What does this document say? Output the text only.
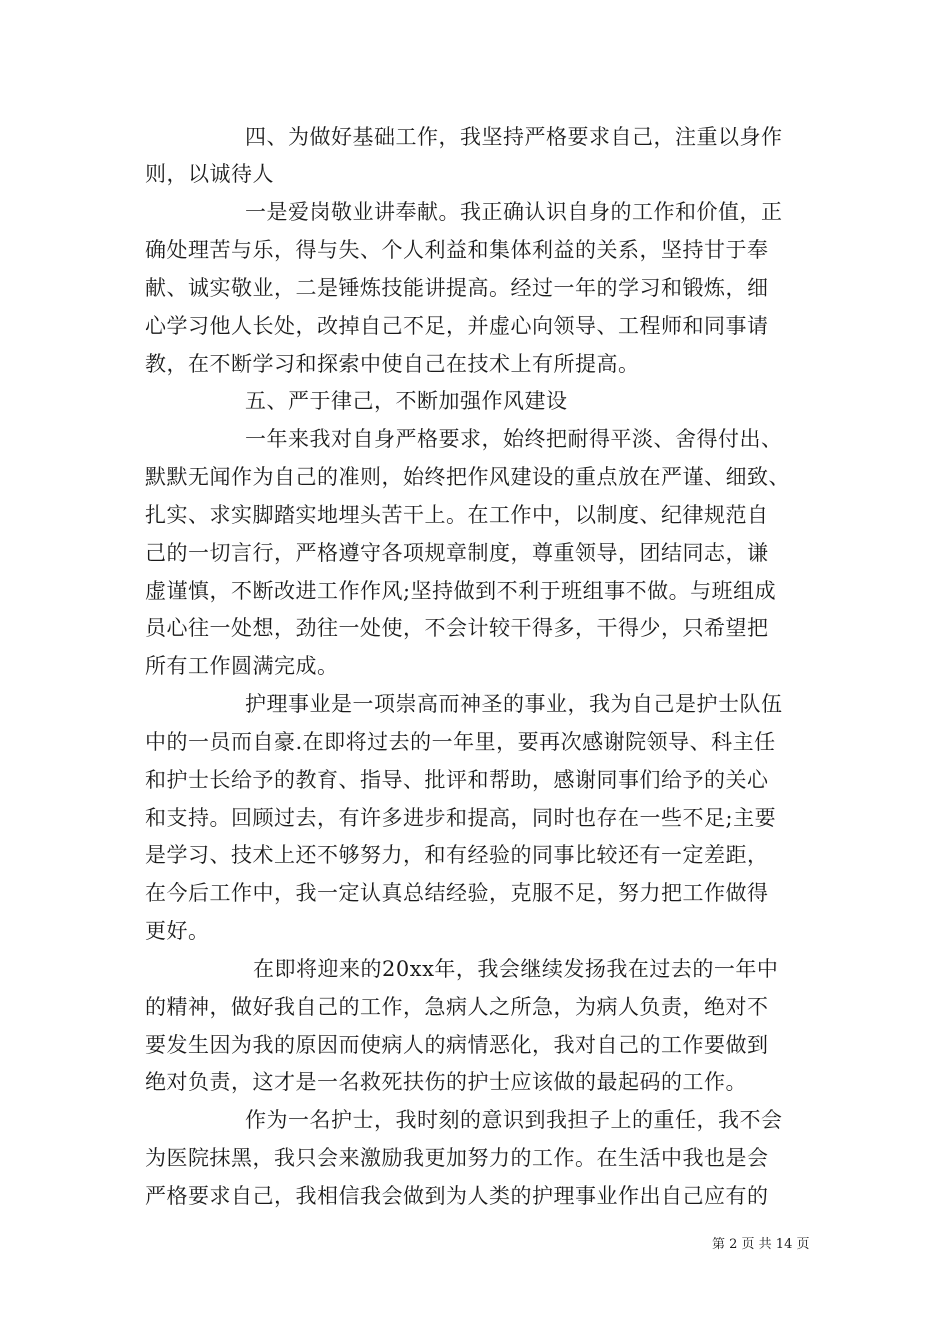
四、为做好基础工作，我坚持严格要求自己，注重以身作
则，以诚待人
一是爱岗敬业讲奉献。我正确认识自身的工作和价值，正
确处理苦与乐，得与失、个人利益和集体利益的关系，坚持甘于奉
献、诚实敬业，二是锤炼技能讲提高。经过一年的学习和锻炼，细
心学习他人长处，改掉自己不足，并虚心向领导、工程师和同事请
教，在不断学习和探索中使自己在技术上有所提高。
五、严于律己，不断加强作风建设
一年来我对自身严格要求，始终把耐得平淡、舍得付出、
默默无闻作为自己的准则，始终把作风建设的重点放在严谨、细致、
扎实、求实脚踏实地埋头苦干上。在工作中，以制度、纪律规范自
己的一切言行，严格遵守各项规章制度，尊重领导，团结同志，谦
虚谨慎，不断改进工作作风;坚持做到不利于班组事不做。与班组成
员心往一处想，劲往一处使，不会计较干得多，干得少，只希望把
所有工作圆满完成。
护理事业是一项崇高而神圣的事业，我为自己是护士队伍
中的一员而自豪.在即将过去的一年里，要再次感谢院领导、科主任
和护士长给予的教育、指导、批评和帮助，感谢同事们给予的关心
和支持。回顾过去，有许多进步和提高，同时也存在一些不足;主要
是学习、技术上还不够努力，和有经验的同事比较还有一定差距，
在今后工作中，我一定认真总结经验，克服不足，努力把工作做得
更好。
在即将迎来的20xx年，我会继续发扬我在过去的一年中
的精神，做好我自己的工作，急病人之所急，为病人负责，绝对不
要发生因为我的原因而使病人的病情恶化，我对自己的工作要做到
绝对负责，这才是一名救死扶伤的护士应该做的最起码的工作。
作为一名护士，我时刻的意识到我担子上的重任，我不会
为医院抹黑，我只会来激励我更加努力的工作。在生活中我也是会
严格要求自己，我相信我会做到为人类的护理事业作出自己应有的
第 2 页 共 14 页
